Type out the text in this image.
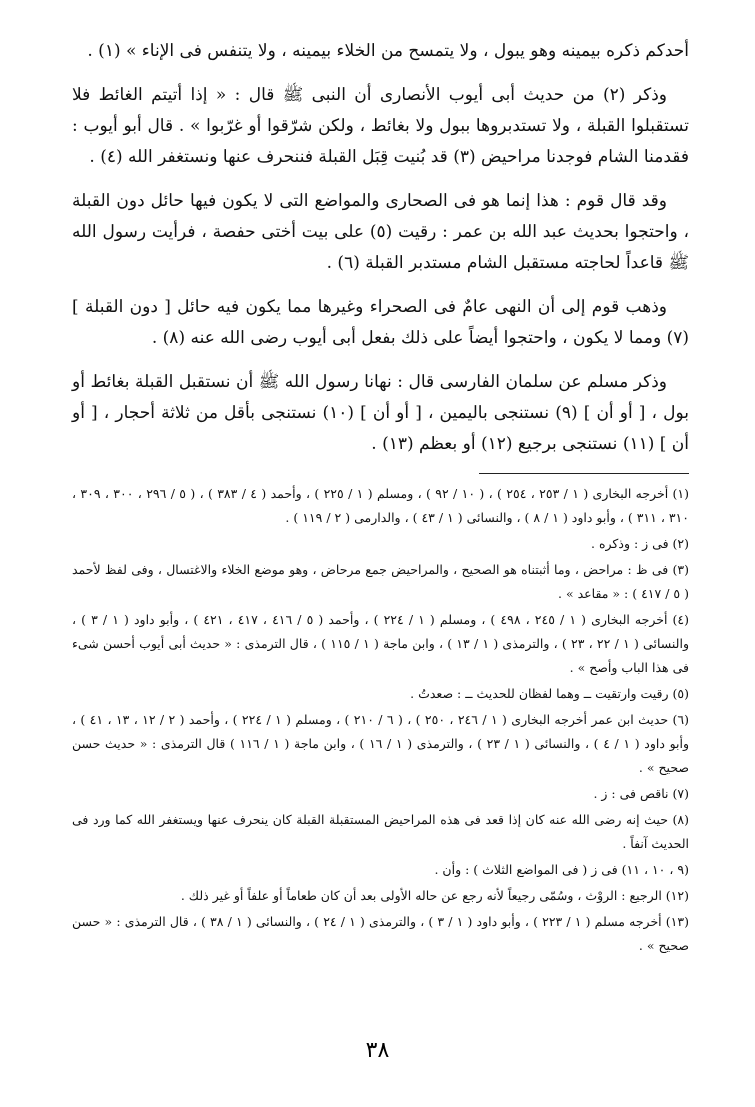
أحدكم ذكره بيمينه وهو يبول ، ولا يتمسح من الخلاء بيمينه ، ولا يتنفس فى الإناء » (١) .

وذكر (٢) من حديث أبى أيوب الأنصارى أن النبى ﷺ قال : « إذا أتيتم الغائط فلا تستقبلوا القبلة ، ولا تستدبروها ببول ولا بغائط ، ولكن شرّقوا أو غرّبوا » . قال أبو أيوب : فقدمنا الشام فوجدنا مراحيض (٣) قد بُنيت قِبَل القبلة فننحرف عنها ونستغفر الله (٤) .

وقد قال قوم : هذا إنما هو فى الصحارى والمواضع التى لا يكون فيها حائل دون القبلة ، واحتجوا بحديث عبد الله بن عمر : رقيت (٥) على بيت أختى حفصة ، فرأيت رسول الله ﷺ قاعداً لحاجته مستقبل الشام مستدبر القبلة (٦) .

وذهب قوم إلى أن النهى عامٌ فى الصحراء وغيرها مما يكون فيه حائل [ دون القبلة ] (٧) ومما لا يكون ، واحتجوا أيضاً على ذلك بفعل أبى أيوب رضى الله عنه (٨) .

وذكر مسلم عن سلمان الفارسى قال : نهانا رسول الله ﷺ أن نستقبل القبلة بغائط أو بول ، [ أو أن ] (٩) نستنجى باليمين ، [ أو أن ] (١٠) نستنجى بأقل من ثلاثة أحجار ، [ أو أن ] (١١) نستنجى برجيع (١٢) أو بعظم (١٣) .

(١) أخرجه البخارى ( ١ / ٢٥٣ ، ٢٥٤ ) ، ( ١٠ / ٩٢ ) ، ومسلم ( ١ / ٢٢٥ ) ، وأحمد ( ٤ / ٣٨٣ ) ، ( ٥ / ٢٩٦ ، ٣٠٠ ، ٣٠٩ ، ٣١٠ ، ٣١١ ) ، وأبو داود ( ١ / ٨ ) ، والنسائى ( ١ / ٤٣ ) ، والدارمى ( ٢ / ١١٩ ) .

(٢) فى ز : وذكره .

(٣) فى ظ : مراحض ، وما أثبتناه هو الصحيح ، والمراحيض جمع مرحاض ، وهو موضع الخلاء والاغتسال ، وفى لفظ لأحمد ( ٥ / ٤١٧ ) : « مقاعد » .

(٤) أخرجه البخارى ( ١ / ٢٤٥ ، ٤٩٨ ) ، ومسلم ( ١ / ٢٢٤ ) ، وأحمد ( ٥ / ٤١٦ ، ٤١٧ ، ٤٢١ ) ، وأبو داود ( ١ / ٣ ) ، والنسائى ( ١ / ٢٢ ، ٢٣ ) ، والترمذى ( ١ / ١٣ ) ، وابن ماجة ( ١ / ١١٥ ) ، قال الترمذى : « حديث أبى أيوب أحسن شىء فى هذا الباب وأصح » .

(٥) رقيت وارتقيت ــ وهما لفظان للحديث ــ : صعدتُ .

(٦) حديث ابن عمر أخرجه البخارى ( ١ / ٢٤٦ ، ٢٥٠ ) ، ( ٦ / ٢١٠ ) ، ومسلم ( ١ / ٢٢٤ ) ، وأحمد ( ٢ / ١٢ ، ١٣ ، ٤١ ) ، وأبو داود ( ١ / ٤ ) ، والنسائى ( ١ / ٢٣ ) ، والترمذى ( ١ / ١٦ ) ، وابن ماجة ( ١ / ١١٦ ) قال الترمذى : « حديث حسن صحيح » .

(٧) ناقص فى : ز .

(٨) حيث إنه رضى الله عنه كان إذا قعد فى هذه المراحيض المستقبلة القبلة كان ينحرف عنها ويستغفر الله كما ورد فى الحديث آنفاً .

(٩ ، ١٠ ، ١١) فى ز ( فى المواضع الثلاث ) : وأن .

(١٢) الرجيع : الروْث ، وسُمّى رجيعاً لأنه رجع عن حاله الأولى بعد أن كان طعاماً أو علفاً أو غير ذلك .

(١٣) أخرجه مسلم ( ١ / ٢٢٣ ) ، وأبو داود ( ١ / ٣ ) ، والترمذى ( ١ / ٢٤ ) ، والنسائى ( ١ / ٣٨ ) ، قال الترمذى : « حسن صحيح » .

٣٨
